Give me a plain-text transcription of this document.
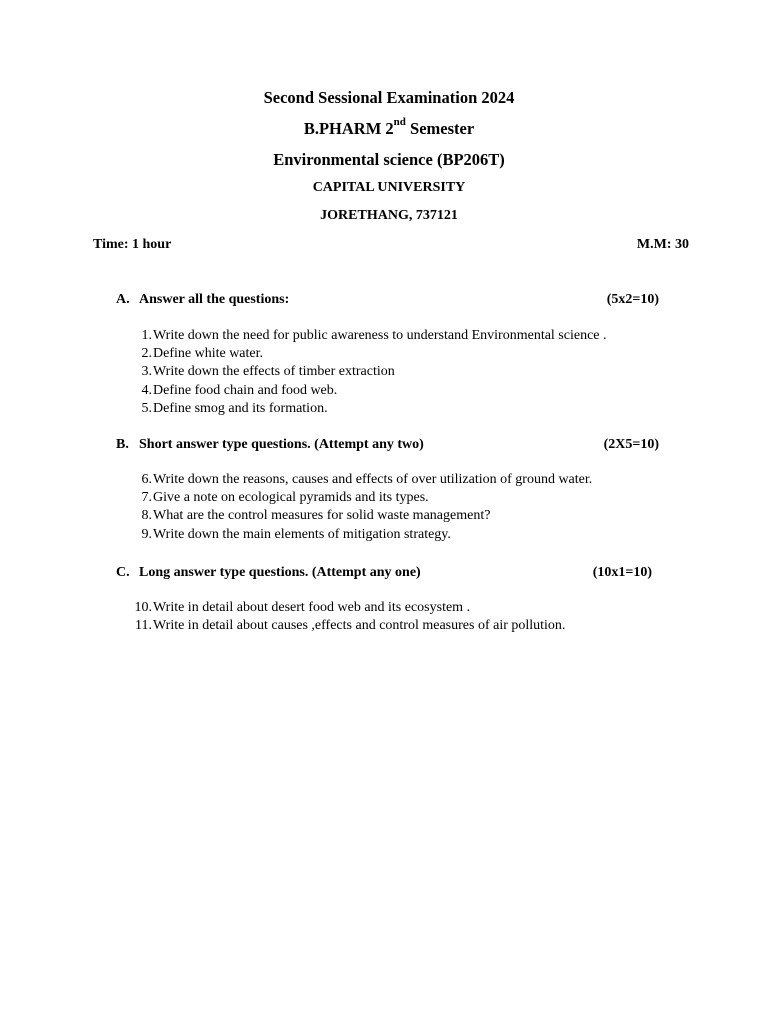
Second Sessional Examination 2024
B.PHARM 2nd Semester
Environmental science (BP206T)
CAPITAL UNIVERSITY
JORETHANG, 737121
Time: 1 hour	M.M: 30
A. Answer all the questions:	(5x2=10)
1. Write down the need for public awareness to understand Environmental science .
2. Define white water.
3. Write down the effects of timber extraction
4. Define food chain and food web.
5. Define smog and its formation.
B. Short answer type questions. (Attempt any two)	(2X5=10)
6. Write down the reasons, causes and effects of over utilization of ground water.
7. Give a note on ecological pyramids and its types.
8. What are the control measures for solid waste management?
9. Write down the main elements of mitigation strategy.
C. Long answer type questions. (Attempt any one)	(10x1=10)
10. Write in detail about desert food web and its ecosystem .
11. Write in detail about causes ,effects and control measures of air pollution.
